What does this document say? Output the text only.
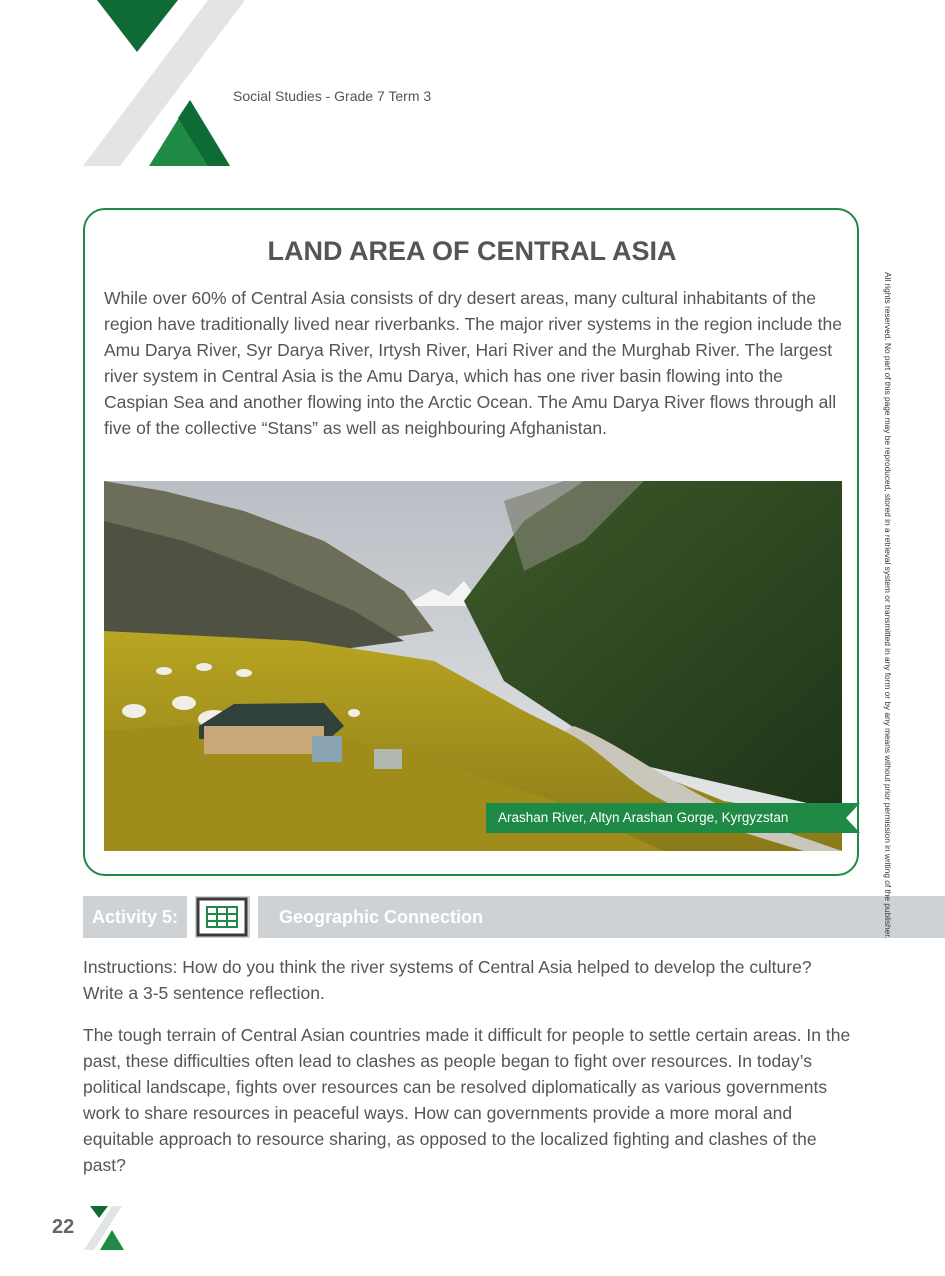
Social Studies - Grade 7 Term 3
LAND AREA OF CENTRAL ASIA
While over 60% of Central Asia consists of dry desert areas, many cultural inhabitants of the region have traditionally lived near riverbanks. The major river systems in the region include the Amu Darya River, Syr Darya River, Irtysh River, Hari River and the Murghab River. The largest river system in Central Asia is the Amu Darya, which has one river basin flowing into the Caspian Sea and another flowing into the Arctic Ocean. The Amu Darya River flows through all five of the collective “Stans” as well as neighbouring Afghanistan.
Arashan River, Altyn Arashan Gorge, Kyrgyzstan
Activity 5:	Geographic Connection
Instructions: How do you think the river systems of Central Asia helped to develop the culture? Write a 3-5 sentence reflection.
The tough terrain of Central Asian countries made it difficult for people to settle certain areas. In the past, these difficulties often lead to clashes as people began to fight over resources. In today’s political landscape, fights over resources can be resolved diplomatically as various governments work to share resources in peaceful ways. How can governments provide a more moral and equitable approach to resource sharing, as opposed to the localized fighting and clashes of the past?
22
All rights reserved. No part of this page may be reproduced, stored in a retrieval system or transmitted in any form or by any means without prior permission in writing of the publisher.
